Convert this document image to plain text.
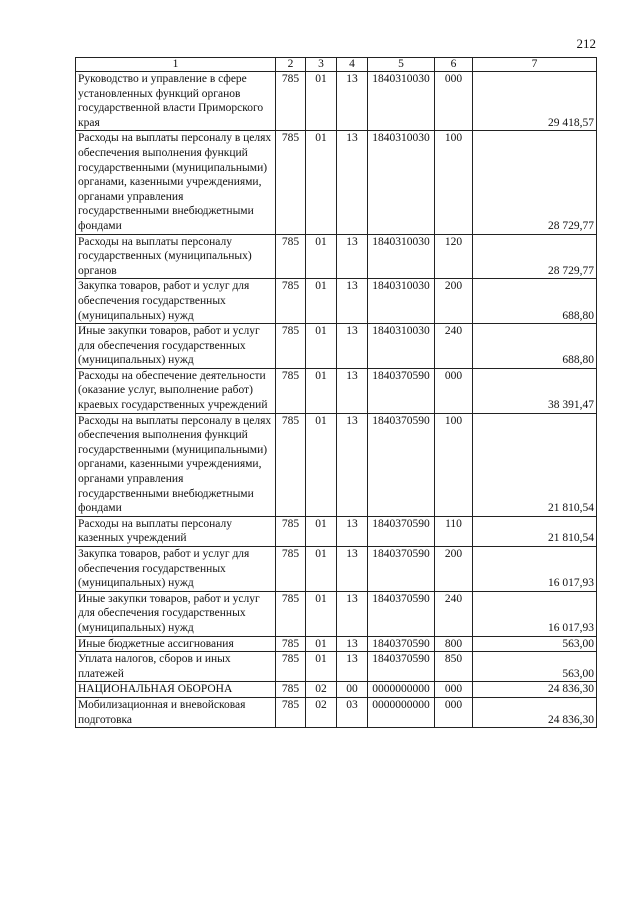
212
1	2	3	4	5	6	7
Руководство и управление в сфере установленных функций органов государственной власти Приморского края	785	01	13	1840310030	000	29 418,57
Расходы на выплаты персоналу в целях обеспечения выполнения функций государственными (муниципальными) органами, казенными учреждениями, органами управления государственными внебюджетными фондами	785	01	13	1840310030	100	28 729,77
Расходы на выплаты персоналу государственных (муниципальных) органов	785	01	13	1840310030	120	28 729,77
Закупка товаров, работ и услуг для обеспечения государственных (муниципальных) нужд	785	01	13	1840310030	200	688,80
Иные закупки товаров, работ и услуг для обеспечения государственных (муниципальных) нужд	785	01	13	1840310030	240	688,80
Расходы на обеспечение деятельности (оказание услуг, выполнение работ) краевых государственных учреждений	785	01	13	1840370590	000	38 391,47
Расходы на выплаты персоналу в целях обеспечения выполнения функций государственными (муниципальными) органами, казенными учреждениями, органами управления государственными внебюджетными фондами	785	01	13	1840370590	100	21 810,54
Расходы на выплаты персоналу казенных учреждений	785	01	13	1840370590	110	21 810,54
Закупка товаров, работ и услуг для обеспечения государственных (муниципальных) нужд	785	01	13	1840370590	200	16 017,93
Иные закупки товаров, работ и услуг для обеспечения государственных (муниципальных) нужд	785	01	13	1840370590	240	16 017,93
Иные бюджетные ассигнования	785	01	13	1840370590	800	563,00
Уплата налогов, сборов и иных платежей	785	01	13	1840370590	850	563,00
НАЦИОНАЛЬНАЯ ОБОРОНА	785	02	00	0000000000	000	24 836,30
Мобилизационная и вневойсковая подготовка	785	02	03	0000000000	000	24 836,30
